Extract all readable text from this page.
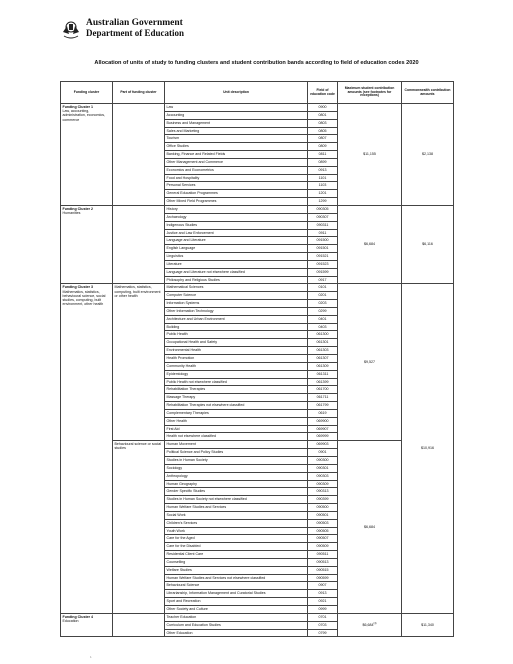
Australian Government
Department of Education
Allocation of units of study to funding clusters and student contribution bands according to field of education codes 2020
Funding cluster	Part of funding cluster	Unit description	Field of education code	Maximum student contribution amounts (see footnotes for exceptions)	Commonwealth contribution amounts

Funding Cluster 1
Law, accounting, administration, economics, commerce		Law	0900	$11,155	$2,138
		Accounting	0801		
		Business and Management	0803		
		Sales and Marketing	0805		
		Tourism	0807		
		Office Studies	0809		
		Banking, Finance and Related Fields	0811		
		Other Management and Commerce	0899		
		Economics and Econometrics	0913		
		Food and Hospitality	1101		
		Personal Services	1103		
		General Education Programmes	1201		
		Other Mixed Field Programmes	1299		

Funding Cluster 2
Humanities		History	090305	$6,684	$6,116
		Archaeology	090307		
		Indigenous Studies	090311		
		Justice and Law Enforcement	0911		
		Language and Literature	091500		
		English Language	091501		
		Linguistics	091521		
		Literature	091523		
		Language and Literature not elsewhere classified	091599		
		Philosophy and Religious Studies	0917		

Funding Cluster 3
Mathematics, statistics, behavioural science, social studies, computing, built environment, other health	Mathematics, statistics, computing, built environment or other health	Mathematical Sciences	0101	$9,527	$10,916
		Computer Science	0201		
		Information Systems	0203		
		Other Information Technology	0299		
		Architecture and Urban Environment	0401		
		Building	0403		
		Public Health	061300		
		Occupational Health and Safety	061301		
		Environmental Health	061303		
		Health Promotion	061307		
		Community Health	061309		
		Epidemiology	061311		
		Public Health not elsewhere classified	061399		
		Rehabilitation Therapies	061700		
		Massage Therapy	061711		
		Rehabilitation Therapies not elsewhere classified	061799		
		Complementary Therapies	0619		
		Other Health	069900		
		First Aid	069907		
		Health not elsewhere classified	069999		
	Behavioural science or social studies	Human Movement	069903	$6,684	
		Political Science and Policy Studies	0901		
		Studies in Human Society	090300		
		Sociology	090301		
		Anthropology	090303		
		Human Geography	090309		
		Gender Specific Studies	090313		
		Studies in Human Society not elsewhere classified	090399		
		Human Welfare Studies and Services	090500		
		Social Work	090501		
		Children's Services	090503		
		Youth Work	090505		
		Care for the Aged	090507		
		Care for the Disabled	090509		
		Residential Client Care	090511		
		Counselling	090513		
		Welfare Studies	090515		
		Human Welfare Studies and Services not elsewhere classified	090599		
		Behavioural Science	0907		
		Librarianship, Information Management and Curatorial Studies	0913		
		Sport and Recreation	0921		
		Other Society and Culture	0999		

Funding Cluster 4
Education		Teacher Education	0701	$6,684$^{(4)}$	$11,340
		Curriculum and Education Studies	0703		
		Other Education	0799		
1
